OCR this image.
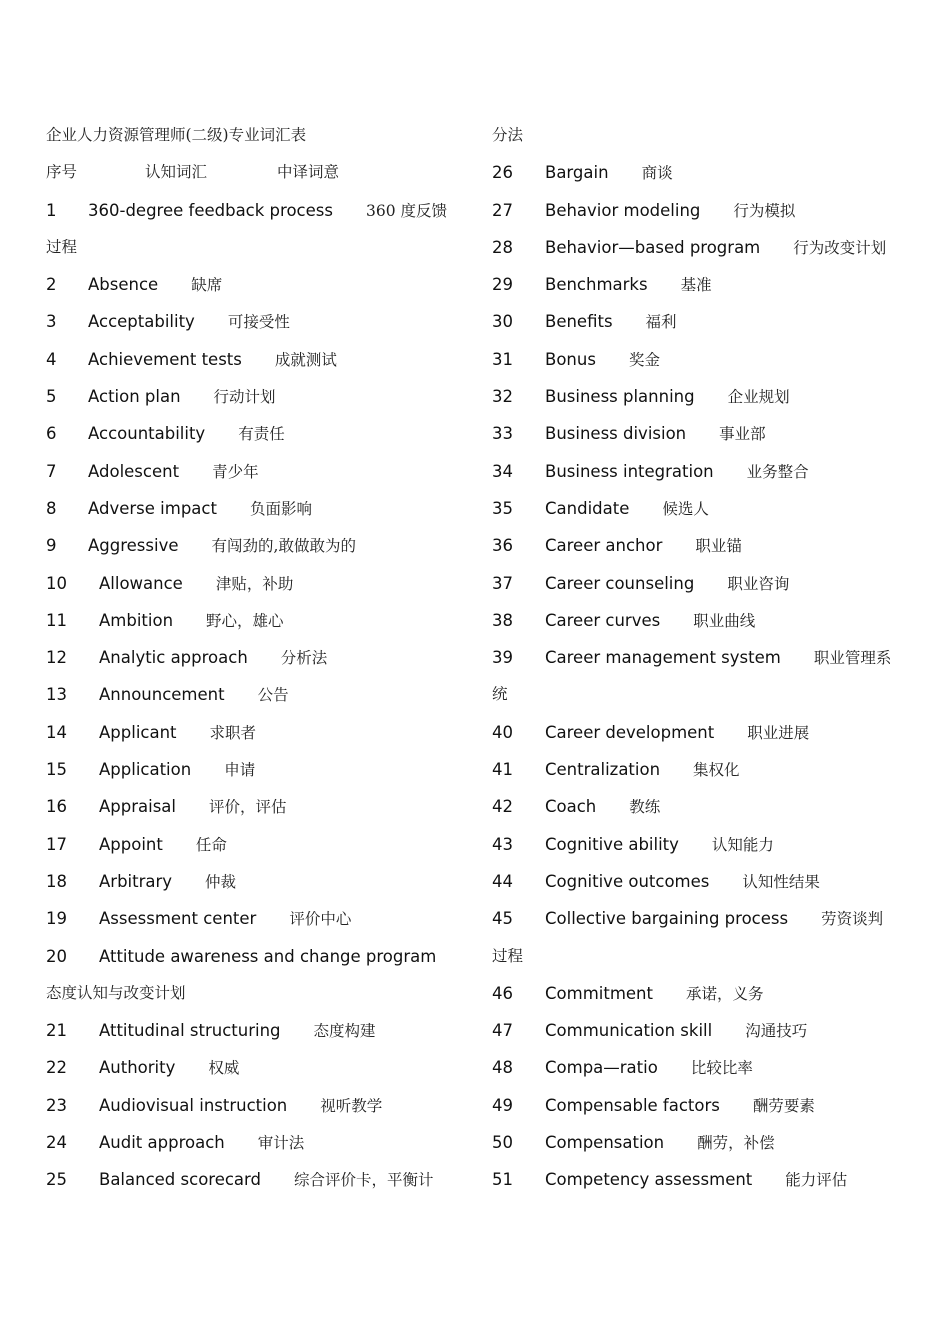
企业人力资源管理师(二级)专业词汇表
序号	认知词汇	中译词意
1 360-degree feedback process 360 度反馈
过程
2 Absence 缺席
3 Acceptability 可接受性
4 Achievement tests 成就测试
5 Action plan 行动计划
6 Accountability 有责任
7 Adolescent 青少年
8 Adverse impact 负面影响
9 Aggressive 有闯劲的,敢做敢为的
10 Allowance 津贴，补助
11 Ambition 野心，雄心
12 Analytic approach 分析法
13 Announcement 公告
14 Applicant 求职者
15 Application 申请
16 Appraisal 评价，评估
17 Appoint 任命
18 Arbitrary 仲裁
19 Assessment center 评价中心
20 Attitude awareness and change program
态度认知与改变计划
21 Attitudinal structuring 态度构建
22 Authority 权威
23 Audiovisual instruction 视听教学
24 Audit approach 审计法
25 Balanced scorecard 综合评价卡，平衡计
分法
26 Bargain 商谈
27 Behavior modeling 行为模拟
28 Behavior—based program 行为改变计划
29 Benchmarks 基准
30 Benefits 福利
31 Bonus 奖金
32 Business planning 企业规划
33 Business division 事业部
34 Business integration 业务整合
35 Candidate 候选人
36 Career anchor 职业锚
37 Career counseling 职业咨询
38 Career curves 职业曲线
39 Career management system 职业管理系
统
40 Career development 职业进展
41 Centralization 集权化
42 Coach 教练
43 Cognitive ability 认知能力
44 Cognitive outcomes 认知性结果
45 Collective bargaining process 劳资谈判
过程
46 Commitment 承诺，义务
47 Communication skill 沟通技巧
48 Compa—ratio 比较比率
49 Compensable factors 酬劳要素
50 Compensation 酬劳，补偿
51 Competency assessment 能力评估
